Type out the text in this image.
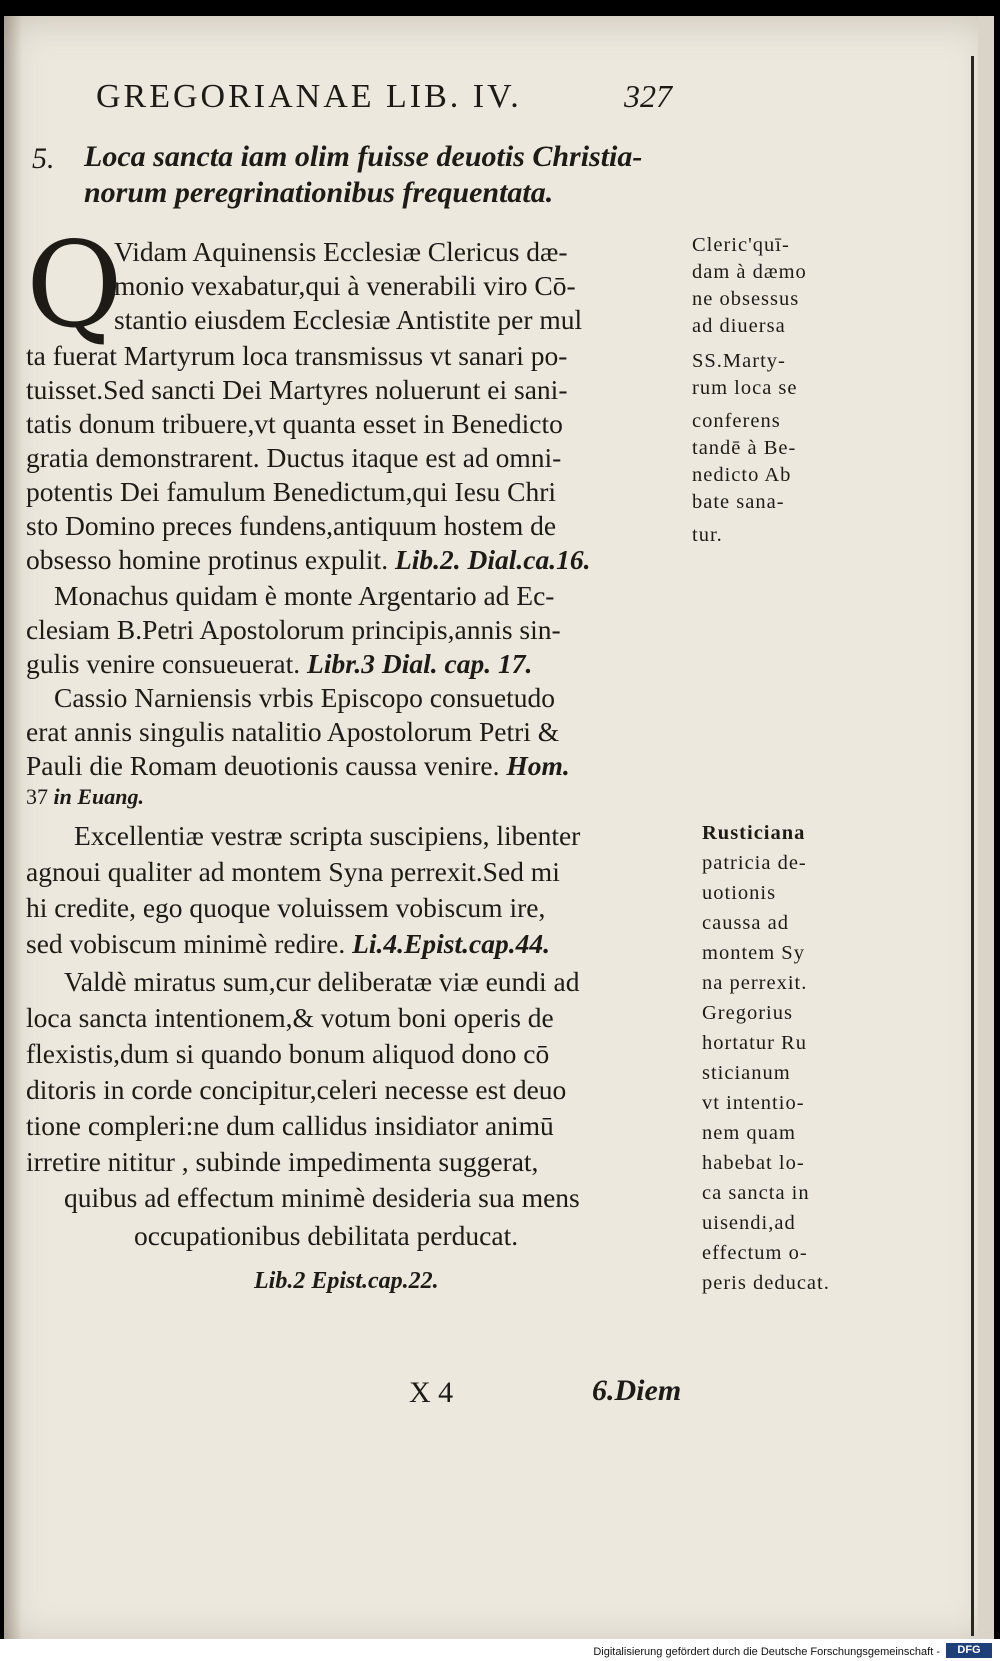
GREGORIANAE LIB. IV.	327
5. Loca sancta iam olim fuisse deuotis Christia-
norum peregrinationibus frequentata.
Q
Vidam Aquinensis Ecclesiæ Clericus dæ-
monio vexabatur,qui à venerabili viro Cō-
stantio eiusdem Ecclesiæ Antistite per mul
ta fuerat Martyrum loca transmissus vt sanari po-
tuisset.Sed sancti Dei Martyres noluerunt ei sani-
tatis donum tribuere,vt quanta esset in Benedicto
gratia demonstrarent. Ductus itaque est ad omni-
potentis Dei famulum Benedictum,qui Iesu Chri
sto Domino preces fundens,antiquum hostem de
obsesso homine protinus expulit. Lib.2. Dial.ca.16.
Monachus quidam è monte Argentario ad Ec-
clesiam B.Petri Apostolorum principis,annis sin-
gulis venire consueuerat. Libr.3 Dial. cap. 17.
Cassio Narniensis vrbis Episcopo consuetudo
erat annis singulis natalitio Apostolorum Petri &
Pauli die Romam deuotionis caussa venire. Hom.
37 in Euang.
Excellentiæ vestræ scripta suscipiens, libenter
agnoui qualiter ad montem Syna perrexit.Sed mi
hi credite, ego quoque voluissem vobiscum ire,
sed vobiscum minimè redire. Li.4.Epist.cap.44.
Valdè miratus sum,cur deliberatæ viæ eundi ad
loca sancta intentionem,& votum boni operis de
flexistis,dum si quando bonum aliquod dono cō
ditoris in corde concipitur,celeri necesse est deuo
tione compleri:ne dum callidus insidiator animū
irretire nititur , subinde impedimenta suggerat,
quibus ad effectum minimè desideria sua mens
occupationibus debilitata perducat.
Lib.2 Epist.cap.22.
Cleric'quī-
dam à dæmo
ne obsessus
ad diuersa
SS.Marty-
rum loca se
conferens
tandē à Be-
nedicto Ab
bate sana-
tur.
Rusticiana
patricia de-
uotionis
caussa ad
montem Sy
na perrexit.
Gregorius
hortatur Ru
sticianum
vt intentio-
nem quam
habebat lo-
ca sancta in
uisendi,ad
effectum o-
peris deducat.
X 4	6.Diem
Digitalisierung gefördert durch die Deutsche Forschungsgemeinschaft -	DFG
